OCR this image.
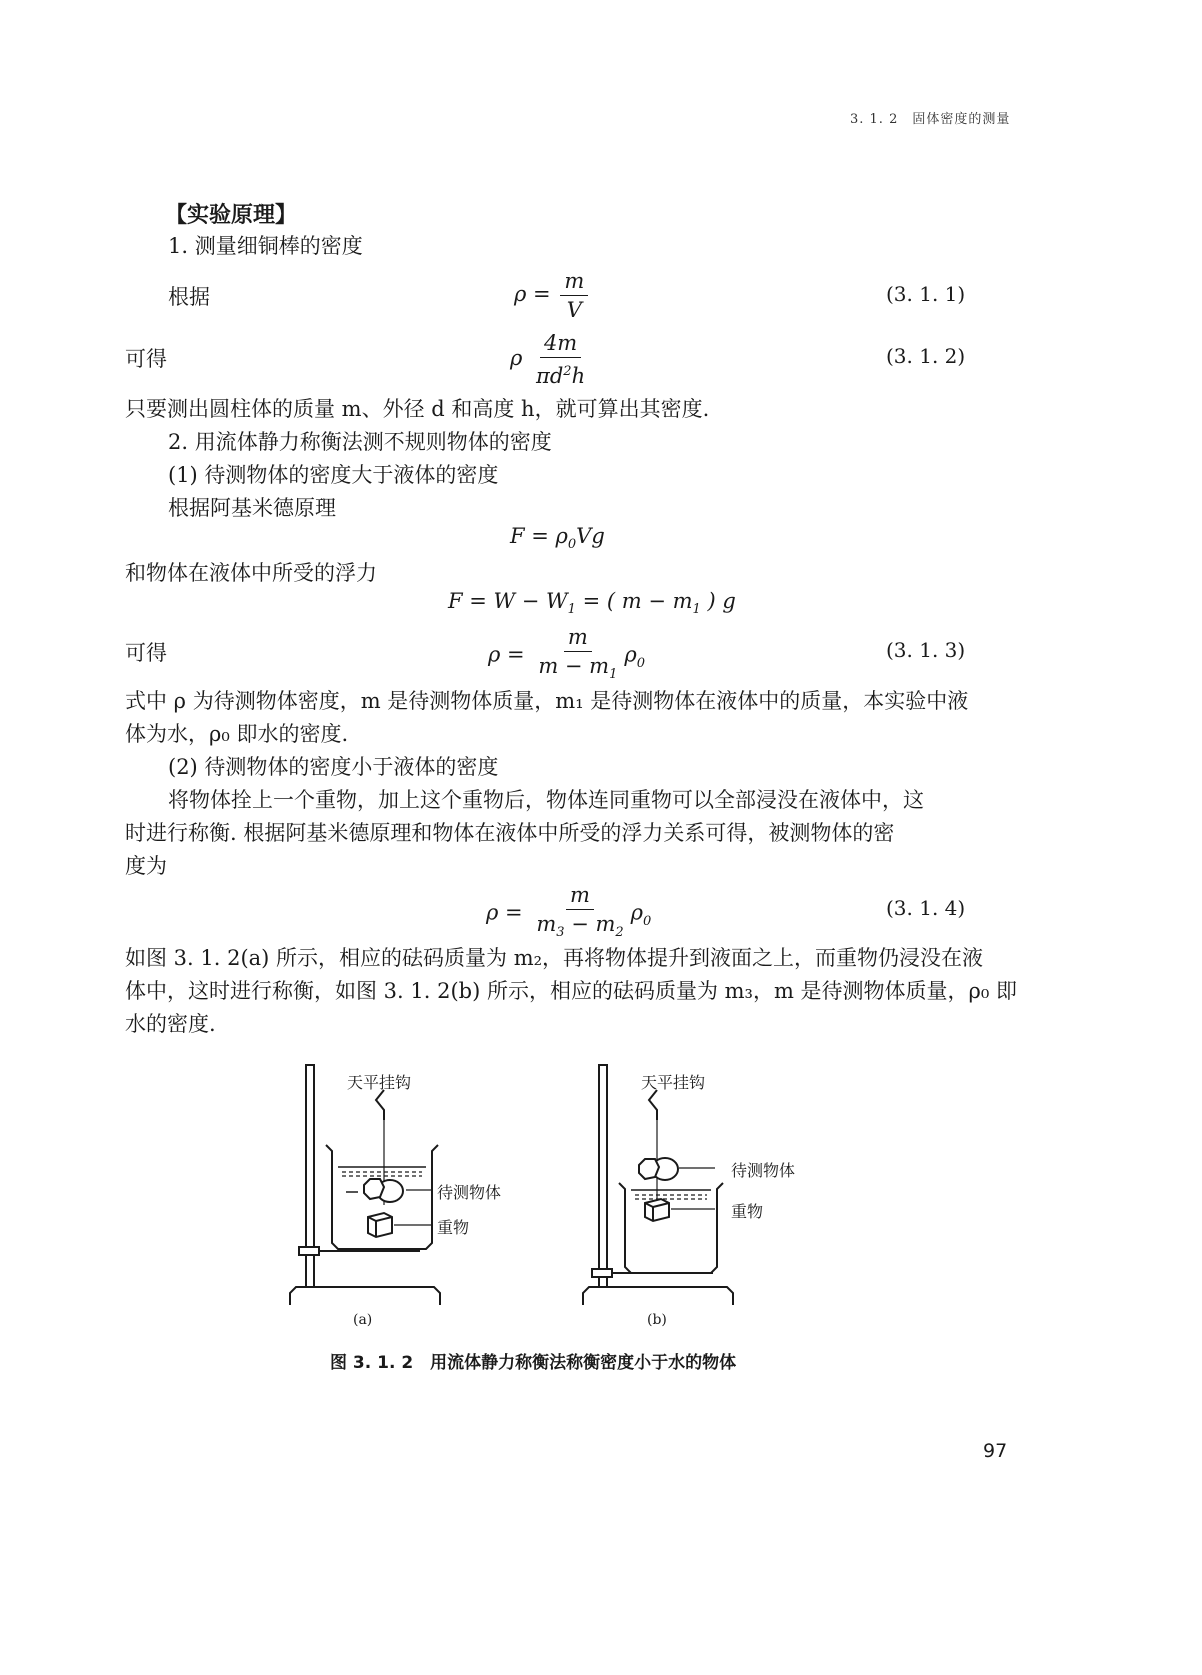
3. 1. 2　固体密度的测量
【实验原理】
1. 测量细铜棒的密度
根据	$\rho = \frac{m}{V}$	(3. 1. 1)
可得	ρ $\frac{4m}{\pi d^2h}$	(3. 1. 2)
只要测出圆柱体的质量 m、外径 d 和高度 h，就可算出其密度.
2. 用流体静力称衡法测不规则物体的密度
(1) 待测物体的密度大于液体的密度
根据阿基米德原理
$F = \rho_0Vg$
和物体在液体中所受的浮力
$F = W - W_1$ = ( $m - m_1$ ) g
可得	$\rho = \frac{m}{m - m_1} \rho_0$
(3. 1. 3)
式中 ρ 为待测物体密度，m 是待测物体质量，m₁ 是待测物体在液体中的质量，本实验中液
体为水，ρ₀ 即水的密度.
(2) 待测物体的密度小于液体的密度
将物体拴上一个重物，加上这个重物后，物体连同重物可以全部浸没在液体中，这
时进行称衡. 根据阿基米德原理和物体在液体中所受的浮力关系可得，被测物体的密
度为
$\rho = \frac{m}{m_3 - m_2} \rho_0$
(3. 1. 4)
如图 3. 1. 2(a) 所示，相应的砝码质量为 m₂，再将物体提升到液面之上，而重物仍浸没在液
体中，这时进行称衡，如图 3. 1. 2(b) 所示，相应的砝码质量为 m₃，m 是待测物体质量，ρ₀ 即
水的密度.
天平挂钩
待测物体
重物
(a)
天平挂钩
待测物体
重物
(b)
图 3. 1. 2　用流体静力称衡法称衡密度小于水的物体
97
